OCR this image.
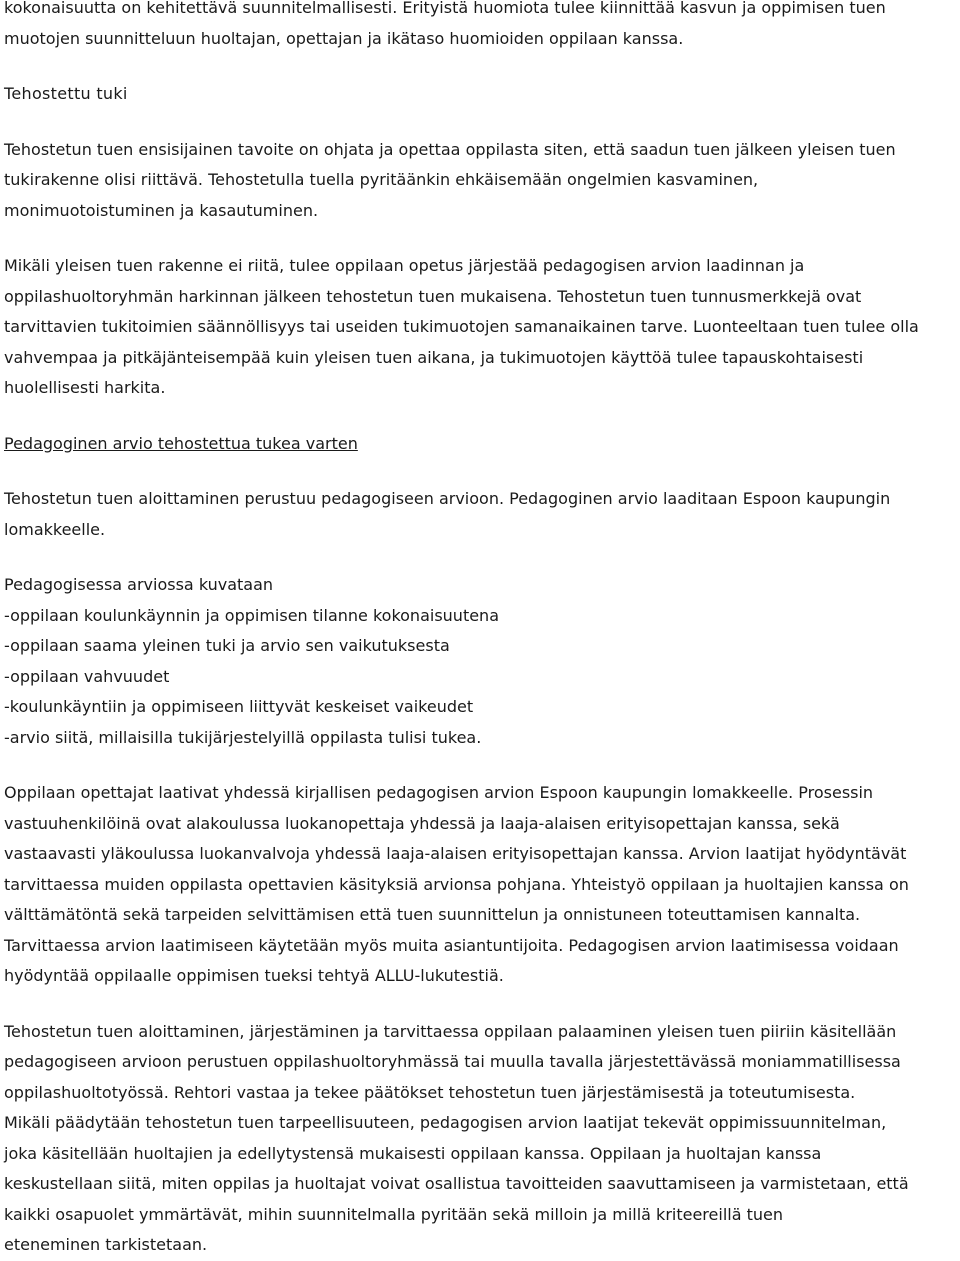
kokonaisuutta on kehitettävä suunnitelmallisesti. Erityistä huomiota tulee kiinnittää kasvun ja oppimisen tuen
muotojen suunnitteluun huoltajan, opettajan ja ikätaso huomioiden oppilaan kanssa.

Tehostettu tuki

Tehostetun tuen ensisijainen tavoite on ohjata ja opettaa oppilasta siten, että saadun tuen jälkeen yleisen tuen
tukirakenne olisi riittävä. Tehostetulla tuella pyritäänkin ehkäisemään ongelmien kasvaminen,
monimuotoistuminen ja kasautuminen.

Mikäli yleisen tuen rakenne ei riitä, tulee oppilaan opetus järjestää pedagogisen arvion laadinnan ja
oppilashuoltoryhmän harkinnan jälkeen tehostetun tuen mukaisena. Tehostetun tuen tunnusmerkkejä ovat
tarvittavien tukitoimien säännöllisyys tai useiden tukimuotojen samanaikainen tarve. Luonteeltaan tuen tulee olla
vahvempaa ja pitkäjänteisempää kuin yleisen tuen aikana, ja tukimuotojen käyttöä tulee tapauskohtaisesti
huolellisesti harkita.

Pedagoginen arvio tehostettua tukea varten

Tehostetun tuen aloittaminen perustuu pedagogiseen arvioon. Pedagoginen arvio laaditaan Espoon kaupungin
lomakkeelle.

Pedagogisessa arviossa kuvataan
-oppilaan koulunkäynnin ja oppimisen tilanne kokonaisuutena
-oppilaan saama yleinen tuki ja arvio sen vaikutuksesta
-oppilaan vahvuudet
-koulunkäyntiin ja oppimiseen liittyvät keskeiset vaikeudet
-arvio siitä, millaisilla tukijärjestelyillä oppilasta tulisi tukea.

Oppilaan opettajat laativat yhdessä kirjallisen pedagogisen arvion Espoon kaupungin lomakkeelle. Prosessin
vastuuhenkilöinä ovat alakoulussa luokanopettaja yhdessä ja laaja-alaisen erityisopettajan kanssa, sekä
vastaavasti yläkoulussa luokanvalvoja yhdessä laaja-alaisen erityisopettajan kanssa. Arvion laatijat hyödyntävät
tarvittaessa muiden oppilasta opettavien käsityksiä arvionsa pohjana. Yhteistyö oppilaan ja huoltajien kanssa on
välttämätöntä sekä tarpeiden selvittämisen että tuen suunnittelun ja onnistuneen toteuttamisen kannalta.
Tarvittaessa arvion laatimiseen käytetään myös muita asiantuntijoita. Pedagogisen arvion laatimisessa voidaan
hyödyntää oppilaalle oppimisen tueksi tehtyä ALLU-lukutestiä.

Tehostetun tuen aloittaminen, järjestäminen ja tarvittaessa oppilaan palaaminen yleisen tuen piiriin käsitellään
pedagogiseen arvioon perustuen oppilashuoltoryhmässä tai muulla tavalla järjestettävässä moniammatillisessa
oppilashuoltotyössä. Rehtori vastaa ja tekee päätökset tehostetun tuen järjestämisestä ja toteutumisesta.
Mikäli päädytään tehostetun tuen tarpeellisuuteen, pedagogisen arvion laatijat tekevät oppimissuunnitelman,
joka käsitellään huoltajien ja edellytystensä mukaisesti oppilaan kanssa. Oppilaan ja huoltajan kanssa
keskustellaan siitä, miten oppilas ja huoltajat voivat osallistua tavoitteiden saavuttamiseen ja varmistetaan, että
kaikki osapuolet ymmärtävät, mihin suunnitelmalla pyritään sekä milloin ja millä kriteereillä tuen
eteneminen tarkistetaan.
